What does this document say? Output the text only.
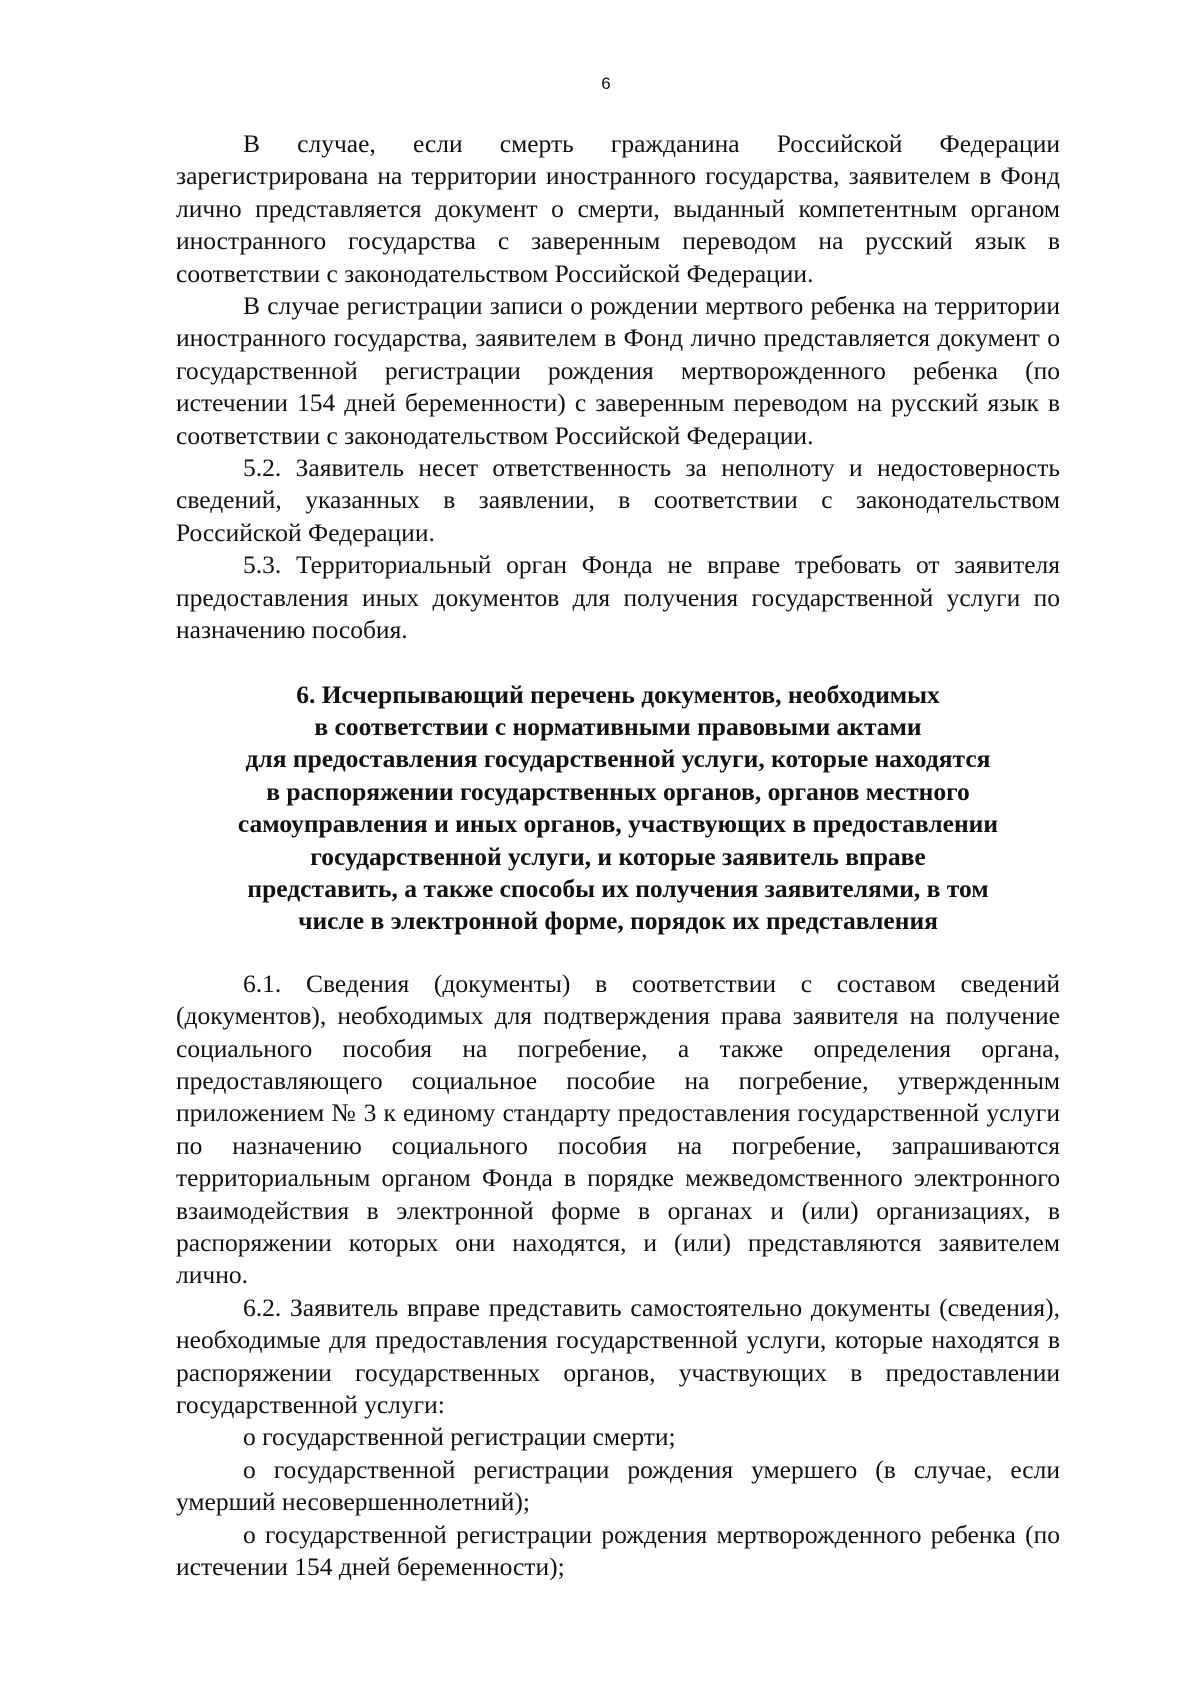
6

В случае, если смерть гражданина Российской Федерации зарегистрирована на территории иностранного государства, заявителем в Фонд лично представляется документ о смерти, выданный компетентным органом иностранного государства с заверенным переводом на русский язык в соответствии с законодательством Российской Федерации.

В случае регистрации записи о рождении мертвого ребенка на территории иностранного государства, заявителем в Фонд лично представляется документ о государственной регистрации рождения мертворожденного ребенка (по истечении 154 дней беременности) с заверенным переводом на русский язык в соответствии с законодательством Российской Федерации.

5.2. Заявитель несет ответственность за неполноту и недостоверность сведений, указанных в заявлении, в соответствии с законодательством Российской Федерации.

5.3. Территориальный орган Фонда не вправе требовать от заявителя предоставления иных документов для получения государственной услуги по назначению пособия.

6. Исчерпывающий перечень документов, необходимых
в соответствии с нормативными правовыми актами
для предоставления государственной услуги, которые находятся
в распоряжении государственных органов, органов местного
самоуправления и иных органов, участвующих в предоставлении
государственной услуги, и которые заявитель вправе
представить, а также способы их получения заявителями, в том
числе в электронной форме, порядок их представления

6.1. Сведения (документы) в соответствии с составом сведений (документов), необходимых для подтверждения права заявителя на получение социального пособия на погребение, а также определения органа, предоставляющего социальное пособие на погребение, утвержденным приложением № 3 к единому стандарту предоставления государственной услуги по назначению социального пособия на погребение, запрашиваются территориальным органом Фонда в порядке межведомственного электронного взаимодействия в электронной форме в органах и (или) организациях, в распоряжении которых они находятся, и (или) представляются заявителем лично.

6.2. Заявитель вправе представить самостоятельно документы (сведения), необходимые для предоставления государственной услуги, которые находятся в распоряжении государственных органов, участвующих в предоставлении государственной услуги:

о государственной регистрации смерти;

о государственной регистрации рождения умершего (в случае, если умерший несовершеннолетний);

о государственной регистрации рождения мертворожденного ребенка (по истечении 154 дней беременности);
